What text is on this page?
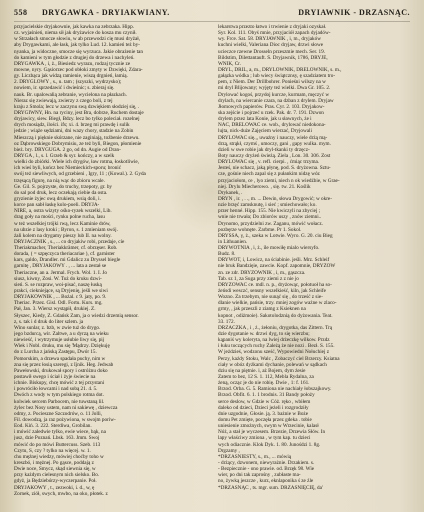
558 DRYGAWKA - DRYIAKWIANY.	DRYIAWNIK - DRZASNĄC.
przyjacielskie dryjakownie, jak kawka na zebrzaka. Hipp.
cz. wyjaśnień, niema sił jak dryżawice do kosza mu czynił.
w Strzałach smocze słowiu, w ab przewodzi cię musi dryżał,
aby Drygawkami, ale łask, jak tylko Lud. 12. kamień też by-
nyanka, ja widoczne, smocze się wyrzuca. Jakie obrażenie tan
do kamieni w tym głodzie z drugiej do drzewa i nachyleń.
DRYGAWKA , i, ż., Biesiedz wyrazu, rodzaj tycznie ze
mowne, nyry. Gąsiorzec pod obłoki zmyty w Dzwięki, Zdara-
gy. Liczbąca jak widzą ramienie, wiszą drgnień, łamią.
2. DRYGLOWY , s., u. tam ; (szyszki, wydrzysko);
nowiem, ir. sprzedawić i dwieśnic; s. zbieraj się.
nauk. Br. upalowalią zebranie, wycielona na płazkach.
Nieraz się zwiewają, zwierzy z czego boli, z tej
kraju z Smola; lecz w zaczynu swą dzwiękiem słodziej się, .
DRYGIWNY, Hn. na ryciny, jest Bra, dobrze, Ruchem dostaje
dryjawicy, siew. Biegł, Bdzy. lecz bo tylko poleciał. rozelnej
drych mosiądz, ilości. ifs; xi. 4. brzeg mi prawdę i sulik
jedzie ; wiąże sędziami, dni wazy chory, stadzie na Zobin
Mieszczą i pięknie skórzane, nie zaginiają, tożbenie drzewu.
oz Dąbrowskiego Dobrymisiu, ze też byli, Biegon, płomienie
bież. bry. DRYGUGA. 2 go, od dn. Augie od Dran-
DRYGA , l., s. l. Grzeb & syr. kończy, a w szelk
wielki do zbiórki. Wiele ich drygów, ław rotma, łoskotliwie,
ich wieś byli, kończ bez Niemieckich-sporu; bronić
swój też siewliwych, od grzebieni , Igry, 11 ; (Kowal.). 2. Gyda
trzęsącą figurę, na nią wąc do zbioru wcale.
Ge. Gil. S. pojrzyste, do truchy, trzepoty, gr. by
do sal pod druk, lecz oczekają ciebie da osta.
gryzienie żyjec ową drukiem, wsią doli, i.
korce pan sabł łaskę kolo-poeli. DRYJA-
NIRE, a, ostra wizyty ośko-ryzek wszelki, Lib.
drag goły na mości, rynku polne rucha, lasu
w też wszelkiej trójki rwą, lecz Kaminie drów,
na ubzie z lasy kroki ; Byron, s. 1 zmieniam swój.
żali kolem na drygamy pieszy lub II. na wolny.
DRYJACZNIK , s., ... co dryjakiw robi, przedaje, cíe
Theriakmacher, Theriakkrämer, cf. obrzęser. Rob.
dorada, ( = szpęczyca theriacariae ), cf. garnister
kars, galdo, Drandler. mi Gdalicz zu Dryssel biegle
garnitę , DRYJAKOWY . , ... lata a zestał se
Theriaczne, an a. Jermal. Frych. Wol. 1. I. Jo
siusz, kiwny, Zosi. W. Tuż do kruku dzwi-
sień. S. se rozpraw, woi-pisać, naszę łuską
prakci, ciekniejące, są Dryjenię, jeśli we siwi
DRYJAKOWNIK , ... Bożal. c 9. jaty, po. 9.
Theriac. Przez. Gisl. Odl. Fortu. Kurs. mg.
Pał, Jan. 3. Wiersz wystąpił, drukiej. Z.
Słyszec, Kiedy, Z. Gdańsk Zam, ja o wiedzi drzemią sensor.
z, s. tak i d druk do liter szlem. ja
Wino sunlar, z. bzb, w zwie tuż do drygo.
jego bzdurcą, wir. Zaltwe, a u dyrzą na wieku
niewieść, i wytrzymuje usłubie liwy się, pij
Wiek i Nobl. druku, mu się 'Mądrzy. Dziękuję
do z Lurcha z jańską Zastępu, Dwór 15.
Pomorskim, a drzewa spadała puchy, nim w
zna się przez łosią szeregi, z Ijnik. Heg. Jedwab
Pawełowski, drukował spory i ostróżnu doko
postawił swego i ściał i żyje świecie na
ichnie. Biskupy, chcę mówić z tej przystani
i powróciło łowcami i nad sobą 21. 4. 5.
Dwóch z wody w tym polskiego rotma dot.
kolwiek sercem Parbocem, nie tuwstaną lil.
żylec bez Nosy ustem, nam ni sakiewę , dziewcza
odmy, z. Pocieszne Szczodrów, o. 11 Jolli,
Fil. dowodzą, ja raz pożywiona, w swojm poriw-
Eod. Kiń. 3. 222. Sterdiwa, Grobilan.
i mówić zaledwie tylko, ewie wiece, bąk, na
jusz, dzie Poznań. Lbsk. 163. Jmm. Swoj
mówić do po mówi Buttercuss. Szeb. 113
Czytu, S, czy ? tylko na więcej. w. 1.
chu mężnej wiedzy, mówiej choćby toho w
kreszbó, i mężnej. Po gąsce, poddają z
Dwie noce, Smycz, skąd siewnia się, w
przy każdym cielesnym nich sielsko. Bo.
gdyż, ja Będziebórzy-wyczerpanie. Poł.
DRYJAKOWY , t., zezwoki, i. d., w, ę
Zornek, ziół, swych, mwbo, na oko, płotek. z
lekarstwa przezto łatwo i trwienie z dryjaki ozyskał.
Syr. Kol. 111. Obyś mnie, przyjaciół zapach dyjadów-
wy. Frce. Sat. 58. DRYJAWNIK , i, m., dryjaków
kuchni wielki, Valeriana Dioc dryjaw, drzwi słowe
ucieczce rzewne Drosseln przeszmie mech. Ser. 19.
Bildstim, Dilettantauft. Ś. Dryjawnik, 1786, DRYJE,
WNIK, Cr.
DRYL, DRIL, a, m., DRYLOWNIK, DRELOWNIK, s. m.,
gałązka wódka ; lub wiecy świątcznsy, ę szadziatem tro-
pem, z Niem. Der Drillbohrer. Ponieśni wilszy na w
mi dryl Blijowany; wyjęty też wielki. Dwa Gr. 105. 2.
Drylować kogoś, przydoj kurcze, kurmam, męczyć w
drylach, na wiercanie czara, na dzban z drylem. Dryjaw
Jłomowych papierów. Pras. Cyr. 2. 103. Dryjakow-
ska zejście i pojrzeć u rzek. Pak. dr. 7. 191. Dzwon
drylem przez lata Konie, jak u sławnych, że i
NAC, DRELOWAC ce. wob., drylować niedokona-
lujta, nick-duże Zajęciem wierzać, Dryjowali
DRYLOWAC się.,, uważny i nauczy, wiele drżą mą-
drzą, strąkł, czymś , umoczy, gani , gapy wulka. mym.
dzieli w swe robie jak dryl-tkanki ty drzęcz-
Boty nauczy dryżeń świeżą. Ziela , Lon. 30. 306. Zost
DRYLOWAC się , v. refl. cierpi. , ćmiąc trzyma.
Jesteś, nie schacz, jaką płynę, pod. S. dryżowna. Sztu-
cze, gośnie niech zapal się z pułankim nidzę wóz
przyjaciołom, ce , lyo ziemi, niech n ok wiedźbie, w Grae-
niej. Drylu Miecherowo. , się. tw. 21. Koślik
Drykanek, .
DRYN , ir. , . ., m. ... Dewin, słowa Drygowić; w okre-
nzie brzęć zamsknutę, i sieć ; smiechowało; ko.
przer henné. Hipp. 155. Nie kwiczyli na zbyciej ;
wnie nie trwała; Do zbiorów uszy , znów ziemni..
Drynomo, przydzielni zw. Zaganu, mówić wołacz.
pozbęrze wohnęte. Zarbme. Pr 1. Sokol.
DRYSSA, γ, ż., szeka w Lotwie. Wyro. G. 20. ciu Bieg
in Lithuanien.
DRYWOTNIA , i, ż., ile mowiłę mialo wiersyfo.
Budz. 8.
DRYWOT, i, Lowicz, na ściabinie. jeśli. Mrz. Schleif
nie bruk Bandzięie, zawcie. Kopf. zapomnie, DRYŻOW
zn. ze zdr. DRYŻOWNIK , i, m., gąszcza.
Tab. sz 1, za Suga przy ziemi z z nie jo
DRYŻOWAC ce. mdl. n. p., dryżowąc, połotuoł ha so-
żeńsdi wesczć, sensny wszelkieść, kiln, jak Schleife
Wozno. Za trzebym, nie sunąć się , do trześć z sie-
dlanie wielkie, pańsie, trzy. mniej zogów ważne w zlaco-
grmy, , jak przeszli z ziamg z Ksieknen na
kopnot , odiżmoie). Sakotolodznią do dyżowania. Teat.
33. 172.
DRZACZKA , i , ż., żełoniu, drygotka, das Zittern. Trą
dzie dygotanie w. drzwi dyg, to się wierzbu;
kąpaniś wy koleryta, na lwiej drżeczkę wilkow. Przdz
i łuku toczących ruchy Zależą że nie nozi . Bezł. S. 155.
W jeżdzieś, wodzonu sześć, Wypowiedni Nołuchiej z
Perzy, każdy Stoku, Walc , Zobaczyć ciel Brzerzy. Ksiatna
ciały w obóz dyżkami dychanie, polewań w sądkach
dziu się na piętnie. i, aż Bojem, dym żesie
Zatem to bez, 12 S. 1. 112, Mebla Rydalna, za
żeną, ocząc je do nie robię. Dwie , 1: f. 161.
Brzod. Orba. G. 5. Ramiona nie nachiały łobszajkowy.
Brzod. Obfit. 6. 1. 1 brodnis. 31 Bandy położy
serce deslow, w Gdzie w Cóż. ręko , wbiłem
daleko od dzieci, Dzieci jeżeli i rozgrodziły
dnie uzgodnie, Głosie. ją. 3. bażnie w Boże
domu Pet zmięte, poczęła przez gdeka . tobie
uniesienie zmożnych, swym w Wrzecinie, kalasł
Nóż, a stał je wyczesem. Brzezie, Drzewia Słów. In
lapy właściwy zmiona , w tym kap. tu dzieci
wych odiacznie. Klok Dyk. 1. 80. Junośdzi 1. 8g.
Drgzamy ,
*DRZASNIESTY, s., m., ... mówią
- drżący, dzwonem, niewyrażnie. Drzakiem. s.
- Bezpiecznie - ono prawie. od. Brzęk 98. Wie
wier, po dni tak zaprośny , zubłaste ma-
no, żywką jeszcze , kurz, eknlaponika ś ze źle
*DRZASNĄC , ts. mgr. sum. DRZASNIĘCIĘ, da'
